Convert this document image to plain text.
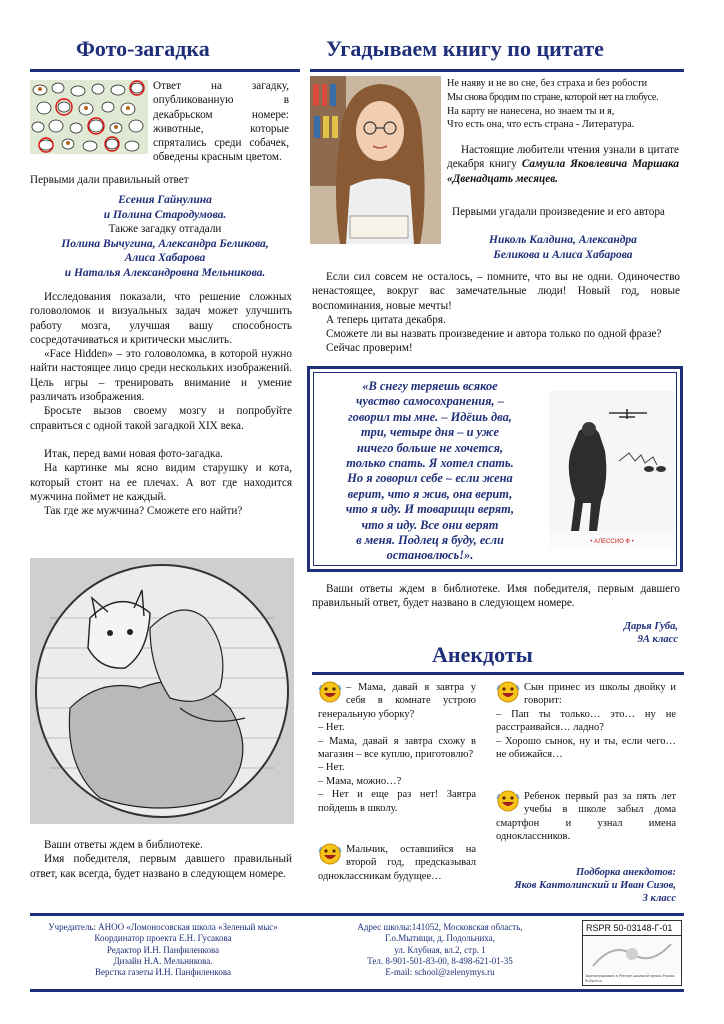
Фото-загадка	Угадываем книгу по цитате

Ответ на загадку, опубликованную в декабрьском номере: животные, которые спрятались среди собачек, обведены красным цветом.

Первыми дали правильный ответ

Есения Гайнулина
и Полина Стародумова.
Также загадку отгадали
Полина Вычугина, Александра Беликова,
Алиса Хабарова
и Наталья Александровна Мельникова.

Исследования показали, что решение сложных головоломок и визуальных задач может улучшить работу мозга, улучшая вашу способность сосредотачиваться и критически мыслить.

«Face Hidden» – это головоломка, в которой нужно найти настоящее лицо среди нескольких изображений. Цель игры – тренировать внимание и умение различать изображения.

Бросьте вызов своему мозгу и попробуйте справиться с одной такой загадкой XIX века.

Итак, перед вами новая фото-загадка.

На картинке мы ясно видим старушку и кота, который стоит на ее плечах. А вот где находится мужчина поймет не каждый.

Так где же мужчина? Сможете его найти?

Ваши ответы ждем в библиотеке.

Имя победителя, первым давшего правильный ответ, как всегда, будет названо в следующем номере.

Не наяву и не во сне, без страха и без робости
Мы снова бродим по стране, которой нет на глобусе.
На карту не нанесена, но знаем ты и я,
Что есть она, что есть страна - Литература.

Настоящие любители чтения узнали в цитате декабря книгу Самуила Яковлевича Маршака «Двенадцать месяцев.

Первыми угадали произведение и его автора

Николь Калдина, Александра
Беликова и Алиса Хабарова

Если сил совсем не осталось, – помните, что вы не одни. Одиночество ненастоящее, вокруг вас замечательные люди! Новый год, новые воспоминания, новые мечты!

А теперь цитата декабря.

Сможете ли вы назвать произведение и автора только по одной фразе?

Сейчас проверим!

«В снегу теряешь всякое
чувство самосохранения, –
говорил ты мне. – Идёшь два,
три, четыре дня – и уже
ничего больше не хочется,
только спать. Я хотел спать.
Но я говорил себе – если жена
верит, что я жив, она верит,
что я иду. И товарищи верят,
что я иду. Все они верят
в меня. Подлец я буду, если
остановлюсь!».
• АЛЕССИО Ф •

Ваши ответы ждем в библиотеке. Имя победителя, первым давшего правильный ответ, будет названо в следующем номере.

Дарья Губа,
9А класс
Анекдоты
– Мама, давай я завтра у себя в комнате устрою генеральную уборку?
– Нет.
– Мама, давай я завтра схожу в магазин – все куплю, приготовлю?
– Нет.
– Мама, можно…?
– Нет и еще раз нет! Завтра пойдешь в школу.
Мальчик, оставшийся на второй год, предсказывал одноклассникам будущее…
Сын принес из школы двойку и говорит:
– Пап ты только… это… ну не расстраивайся… ладно?
– Хорошо сынок, ну и ты, если чего… не обижайся…
Ребенок первый раз за пять лет учебы в школе забыл дома смартфон и узнал имена одноклассников.
Подборка анекдотов:
Яков Кантолинский и Иван Сизов,
3 класс
Учредитель: АНОО «Ломоносовская школа «Зеленый мыс»
Координатор проекта Е.Н. Гусакова
Редактор И.Н. Панфиленкова
Дизайн Н.А. Мельникова.
Верстка газеты И.Н. Панфиленкова
Адрес школы:141052, Московская область,
Г.о.Мытищи, д. Подольниха,
ул. Клубная, вл.2, стр. 1
Тел. 8-901-501-83-00, 8-498-621-01-35
E-mail: school@zelenymys.ru
RSPR 50-03148-Г-01
Зарегистрировано в Реестре школьной прессы России. RuSprJr.ru
